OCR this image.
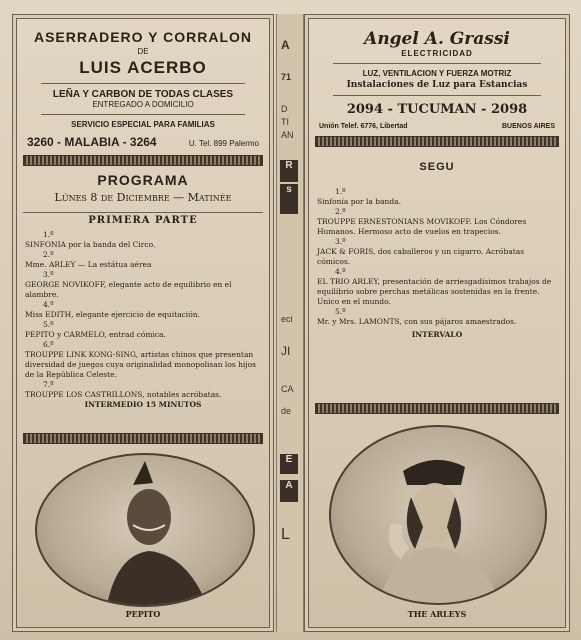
ASERRADERO Y CORRALON
DE
LUIS ACERBO
LEÑA Y CARBON DE TODAS CLASES
ENTREGADO A DOMICILIO
SERVICIO ESPECIAL PARA FAMILIAS
3260 - MALABIA - 3264	U. Tel. 899 Palermo
PROGRAMA
Lúnes 8 de Diciembre — Matinée
PRIMERA PARTE
1.º
SINFONIA por la banda del Circo.
2.º
Mme. ARLEY — La estátua aérea
3.º
GEORGE NOVIKOFF, elegante acto de equilibrio en el alambre.
4.º
Miss EDITH, elegante ejercicio de equitación.
5.º
PEPITO y CARMELO, entrad cómica.
6.º
TROUPPE LINK KONG-SING, artistas chinos que presentan diversidad de juegos cuya originalidad monopolisan los hijos de la República Celeste.
7.º
TROUPPE LOS CASTRILLONS, notables acróbatas.
INTERMEDIO 15 MINUTOS
PEPITO
A
71
D
TI
AN
R
s
eci
JI
CA
de
E
A
L
Angel A. Grassi
ELECTRICIDAD
LUZ, VENTILACION Y FUERZA MOTRIZ
Instalaciones de Luz para Estancias
2094 - TUCUMAN - 2098
Unión Telef. 6776, Libertad	BUENOS AIRES
SEGU
1.º
Sinfonía por la banda.
2.º
TROUPPE ERNESTONIANS MOVIKOFF. Los Cóndores Humanos. Hermoso acto de vuelos en trapecios.
3.º
JACK & FORIS, dos caballeros y un cigarro. Acróbatas cómicos.
4.º
EL TRIO ARLEY, presentación de arriesgadísimos trabajos de equilibrio sobre perchas metálicas sostenidas en la frente. Unico en el mundo.
5.º
Mr. y Mrs. LAMONTS, con sus pájaros amaestrados.
INTERVALO
THE ARLEYS
